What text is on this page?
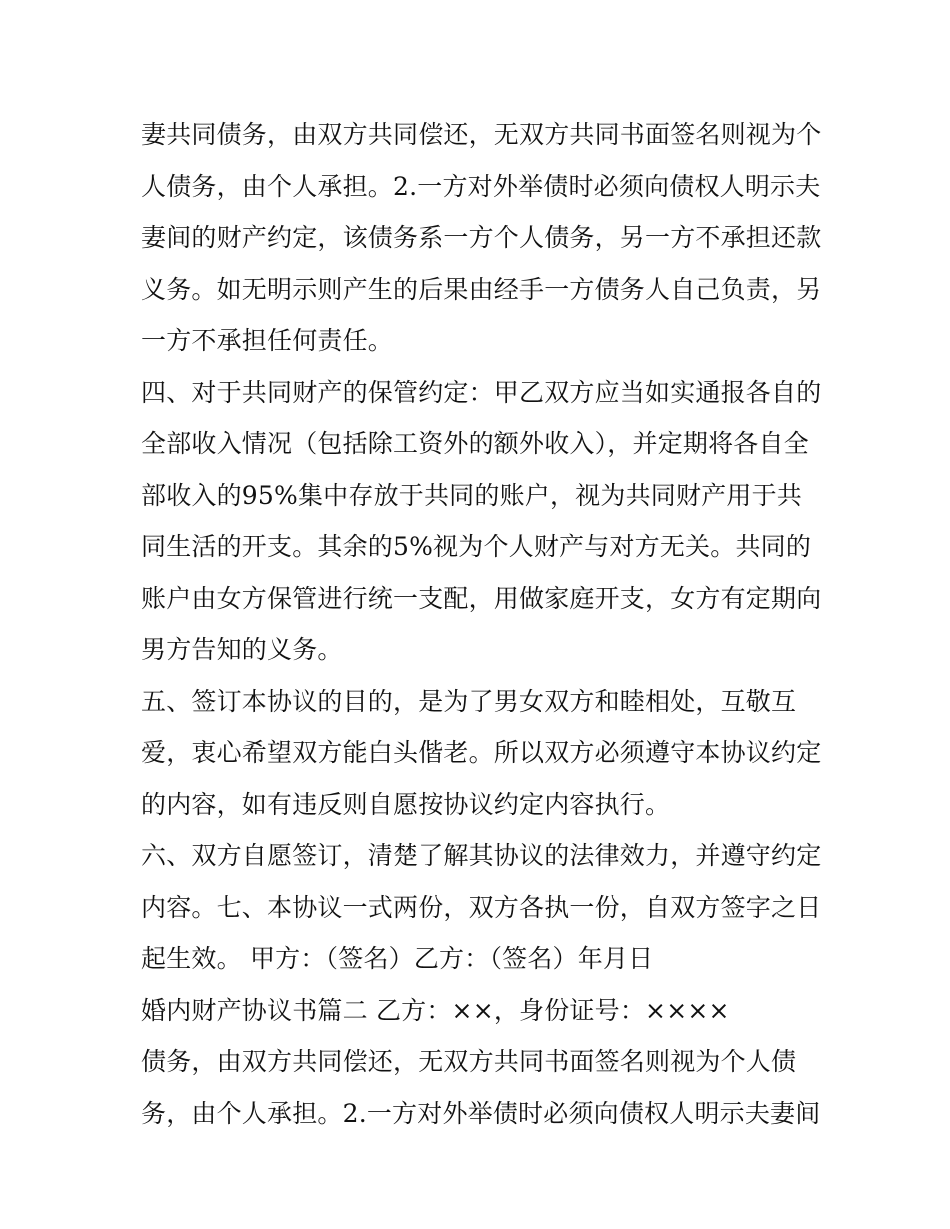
妻共同债务，由双方共同偿还，无双方共同书面签名则视为个
人债务，由个人承担。2.一方对外举债时必须向债权人明示夫
妻间的财产约定，该债务系一方个人债务，另一方不承担还款
义务。如无明示则产生的后果由经手一方债务人自己负责，另
一方不承担任何责任。
四、对于共同财产的保管约定：甲乙双方应当如实通报各自的
全部收入情况（包括除工资外的额外收入），并定期将各自全
部收入的95%集中存放于共同的账户，视为共同财产用于共
同生活的开支。其余的5%视为个人财产与对方无关。共同的
账户由女方保管进行统一支配，用做家庭开支，女方有定期向
男方告知的义务。
五、签订本协议的目的，是为了男女双方和睦相处，互敬互
爱，衷心希望双方能白头偕老。所以双方必须遵守本协议约定
的内容，如有违反则自愿按协议约定内容执行。
六、双方自愿签订，清楚了解其协议的法律效力，并遵守约定
内容。七、本协议一式两份，双方各执一份，自双方签字之日
起生效。 甲方：（签名）乙方：（签名）年月日
婚内财产协议书篇二 乙方：××，身份证号：××××
债务，由双方共同偿还，无双方共同书面签名则视为个人债
务，由个人承担。2.一方对外举债时必须向债权人明示夫妻间
